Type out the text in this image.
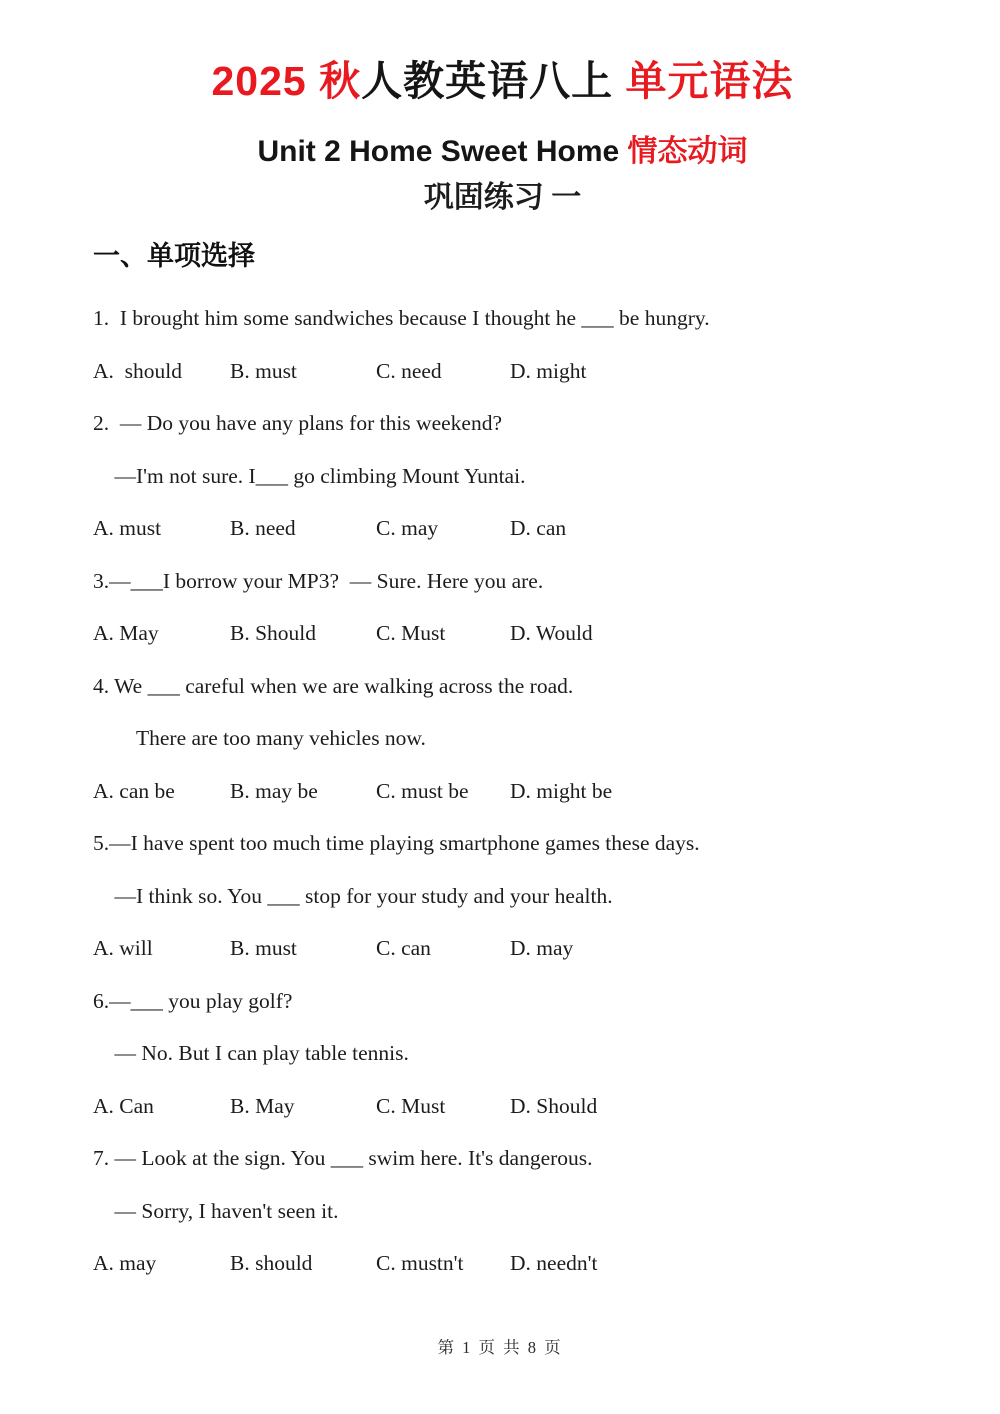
2025 秋人教英语八上 单元语法
Unit 2 Home Sweet Home 情态动词
巩固练习 一
一、单项选择
1.  I brought him some sandwiches because I thought he ___ be hungry.
A.  should	B. must	C. need	D. might
2.  — Do you have any plans for this weekend?
—I'm not sure. I___ go climbing Mount Yuntai.
A. must	B. need	C. may	D. can
3.—___I borrow your MP3?  — Sure. Here you are.
A. May	B. Should	C. Must	D. Would
4. We ___ careful when we are walking across the road.
There are too many vehicles now.
A. can be	B. may be	C. must be	D. might be
5.—I have spent too much time playing smartphone games these days.
—I think so. You ___ stop for your study and your health.
A. will	B. must	C. can	D. may
6.—___ you play golf?
— No. But I can play table tennis.
A. Can	B. May	C. Must	D. Should
7. — Look at the sign. You ___ swim here. It's dangerous.
— Sorry, I haven't seen it.
A. may	B. should	C. mustn't	D. needn't
第 1 页 共 8 页
